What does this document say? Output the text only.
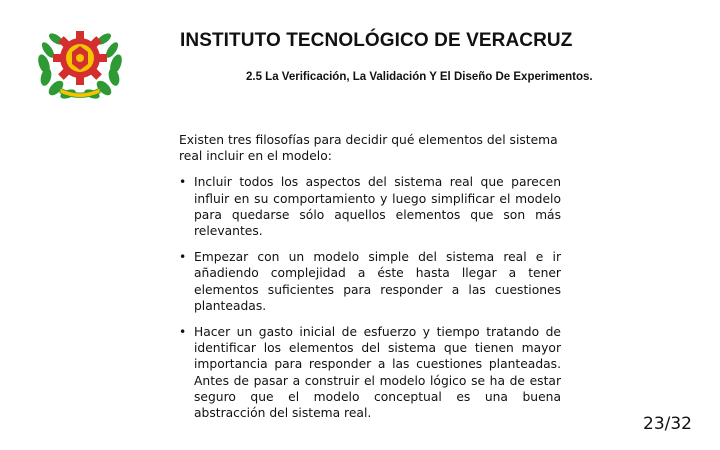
INSTITUTO TECNOLÓGICO DE VERACRUZ
2.5 La Verificación, La Validación Y El Diseño De Experimentos.

Existen tres filosofías para decidir qué elementos del sistema real incluir en el modelo:

• Incluir todos los aspectos del sistema real que parecen influir en su comportamiento y luego simplificar el modelo para quedarse sólo aquellos elementos que son más relevantes.
• Empezar con un modelo simple del sistema real e ir añadiendo complejidad a éste hasta llegar a tener elementos suficientes para responder a las cuestiones planteadas.
• Hacer un gasto inicial de esfuerzo y tiempo tratando de identificar los elementos del sistema que tienen mayor importancia para responder a las cuestiones planteadas. Antes de pasar a construir el modelo lógico se ha de estar seguro que el modelo conceptual es una buena abstracción del sistema real.
23/32
